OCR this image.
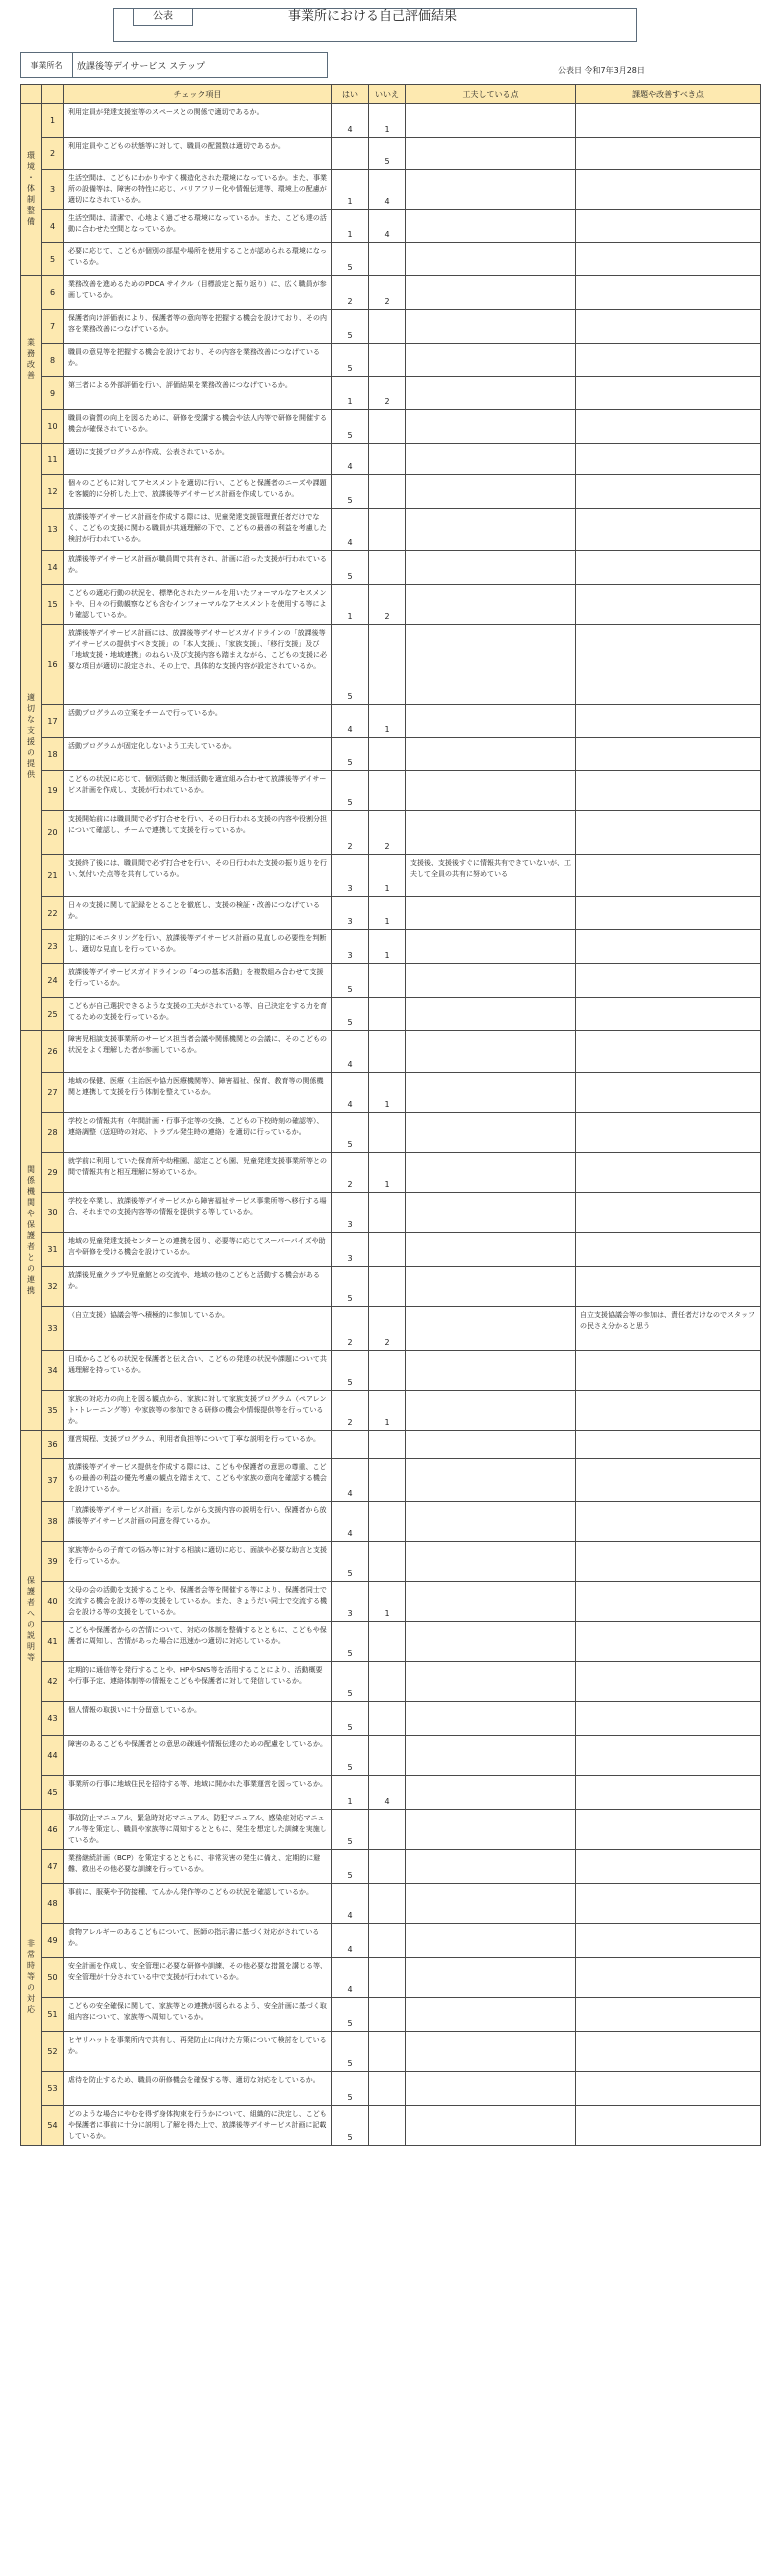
公表	事業所における自己評価結果
事業所名	放課後等デイサービス ステップ	公表日 令和7年3月28日
		チェック項目	はい	いいえ	工夫している点	課題や改善すべき点
環境・体制整備	1	利用定員が発達支援室等のスペースとの関係で適切であるか。	4	1		
	2	利用定員やこどもの状態等に対して、職員の配置数は適切であるか。		5		
	3	生活空間は、こどもにわかりやすく構造化された環境になっているか。また、事業所の設備等は、障害の特性に応じ、バリアフリー化や情報伝達等、環境上の配慮が適切になされているか。	1	4		
	4	生活空間は、清潔で、心地よく過ごせる環境になっているか。また、こども達の活動に合わせた空間となっているか。	1	4		
	5	必要に応じて、こどもが個別の部屋や場所を使用することが認められる環境になっているか。	5			
業務改善	6	業務改善を進めるためのPDCA サイクル（目標設定と振り返り）に、広く職員が参画しているか。	2	2		
	7	保護者向け評価表により、保護者等の意向等を把握する機会を設けており、その内容を業務改善につなげているか。	5			
	8	職員の意見等を把握する機会を設けており、その内容を業務改善につなげているか。	5			
	9	第三者による外部評価を行い、評価結果を業務改善につなげているか。	1	2		
	10	職員の資質の向上を図るために、研修を受講する機会や法人内等で研修を開催する機会が確保されているか。	5			
適切な支援の提供	11	適切に支援プログラムが作成、公表されているか。	4			
	12	個々のこどもに対してアセスメントを適切に行い、こどもと保護者のニーズや課題を客観的に分析した上で、放課後等デイサービス計画を作成しているか。	5			
	13	放課後等デイサービス計画を作成する際には、児童発達支援管理責任者だけでなく、こどもの支援に関わる職員が共通理解の下で、こどもの最善の利益を考慮した検討が行われているか。	4			
	14	放課後等デイサービス計画が職員間で共有され、計画に沿った支援が行われているか。	5			
	15	こどもの適応行動の状況を、標準化されたツールを用いたフォーマルなアセスメントや、日々の行動観察なども含むインフォーマルなアセスメントを使用する等により確認しているか。	1	2		
	16	放課後等デイサービス計画には、放課後等デイサービスガイドラインの「放課後等デイサービスの提供すべき支援」の「本人支援」、「家族支援」、「移行支援」及び「地域支援・地域連携」のねらい及び支援内容も踏まえながら、こどもの支援に必要な項目が適切に設定され、その上で、具体的な支援内容が設定されているか。	5			
	17	活動プログラムの立案をチームで行っているか。	4	1		
	18	活動プログラムが固定化しないよう工夫しているか。	5			
	19	こどもの状況に応じて、個別活動と集団活動を適宜組み合わせて放課後等デイサービス計画を作成し、支援が行われているか。	5			
	20	支援開始前には職員間で必ず打合せを行い、その日行われる支援の内容や役割分担について確認し、チームで連携して支援を行っているか。	2	2		
	21	支援終了後には、職員間で必ず打合せを行い、その日行われた支援の振り返りを行い､気付いた点等を共有しているか。	3	1	支援後、支援後すぐに情報共有できていないが、工夫して全員の共有に努めている	
	22	日々の支援に関して記録をとることを徹底し、支援の検証・改善につなげているか。	3	1		
	23	定期的にモニタリングを行い、放課後等デイサービス計画の見直しの必要性を判断し、適切な見直しを行っているか。	3	1		
	24	放課後等デイサービスガイドラインの「4つの基本活動」を複数組み合わせて支援を行っているか。	5			
	25	こどもが自己選択できるような支援の工夫がされている等、自己決定をする力を育てるための支援を行っているか。	5			
関係機関や保護者との連携	26	障害児相談支援事業所のサービス担当者会議や関係機関との会議に、そのこどもの状況をよく理解した者が参画しているか。	4			
	27	地域の保健、医療（主治医や協力医療機関等）、障害福祉、保育、教育等の関係機関と連携して支援を行う体制を整えているか。	4	1		
	28	学校との情報共有（年間計画・行事予定等の交換、こどもの下校時刻の確認等）、連絡調整（送迎時の対応、トラブル発生時の連絡）を適切に行っているか。	5			
	29	就学前に利用していた保育所や幼稚園、認定こども園、児童発達支援事業所等との間で情報共有と相互理解に努めているか。	2	1		
	30	学校を卒業し、放課後等デイサービスから障害福祉サービス事業所等へ移行する場合、それまでの支援内容等の情報を提供する等しているか。	3			
	31	地域の児童発達支援センターとの連携を図り、必要等に応じてスーパーバイズや助言や研修を受ける機会を設けているか。	3			
	32	放課後児童クラブや児童館との交流や、地域の他のこどもと活動する機会があるか。	5			
	33	（自立支援）協議会等へ積極的に参加しているか。	2	2		自立支援協議会等の参加は、責任者だけなのでスタッフの民さえ分かると思う
	34	日頃からこどもの状況を保護者と伝え合い、こどもの発達の状況や課題について共通理解を持っているか。	5			
	35	家族の対応力の向上を図る観点から、家族に対して家族支援プログラム（ペアレント･トレーニング等）や家族等の参加できる研修の機会や情報提供等を行っているか。	2	1		
保護者への説明等	36	運営規程、支援プログラム、利用者負担等について丁寧な説明を行っているか。				
	37	放課後等デイサービス提供を作成する際には、こどもや保護者の意思の尊重、こどもの最善の利益の優先考慮の観点を踏まえて、こどもや家族の意向を確認する機会を設けているか。	4			
	38	「放課後等デイサービス計画」を示しながら支援内容の説明を行い、保護者から放課後等デイサービス計画の同意を得ているか。	4			
	39	家族等からの子育ての悩み等に対する相談に適切に応じ、面談や必要な助言と支援を行っているか。	5			
	40	父母の会の活動を支援することや、保護者会等を開催する等により、保護者同士で交流する機会を設ける等の支援をしているか。また、きょうだい同士で交流する機会を設ける等の支援をしているか。	3	1		
	41	こどもや保護者からの苦情について、対応の体制を整備するとともに、こどもや保護者に周知し、苦情があった場合に迅速かつ適切に対応しているか。	5			
	42	定期的に通信等を発行することや、HPやSNS等を活用することにより、活動概要や行事予定、連絡体制等の情報をこどもや保護者に対して発信しているか。	5			
	43	個人情報の取扱いに十分留意しているか。	5			
	44	障害のあるこどもや保護者との意思の疎通や情報伝達のための配慮をしているか。	5			
	45	事業所の行事に地域住民を招待する等、地域に開かれた事業運営を図っているか。	1	4		
非常時等の対応	46	事故防止マニュアル、緊急時対応マニュアル、防犯マニュアル、感染症対応マニュアル等を策定し、職員や家族等に周知するとともに、発生を想定した訓練を実施しているか。	5			
	47	業務継続計画（BCP）を策定するとともに、非常災害の発生に備え、定期的に避難、救出その他必要な訓練を行っているか。	5			
	48	事前に、服薬や予防接種、てんかん発作等のこどもの状況を確認しているか。	4			
	49	食物アレルギーのあるこどもについて、医師の指示書に基づく対応がされているか。	4			
	50	安全計画を作成し、安全管理に必要な研修や訓練、その他必要な措置を講じる等、安全管理が十分されている中で支援が行われているか。	4			
	51	こどもの安全確保に関して、家族等との連携が図られるよう、安全計画に基づく取組内容について、家族等へ周知しているか。	5			
	52	ヒヤリハットを事業所内で共有し、再発防止に向けた方策について検討をしているか。	5			
	53	虐待を防止するため、職員の研修機会を確保する等、適切な対応をしているか。	5			
	54	どのような場合にやむを得ず身体拘束を行うかについて、組織的に決定し、こどもや保護者に事前に十分に説明し了解を得た上で、放課後等デイサービス計画に記載しているか。	5			
